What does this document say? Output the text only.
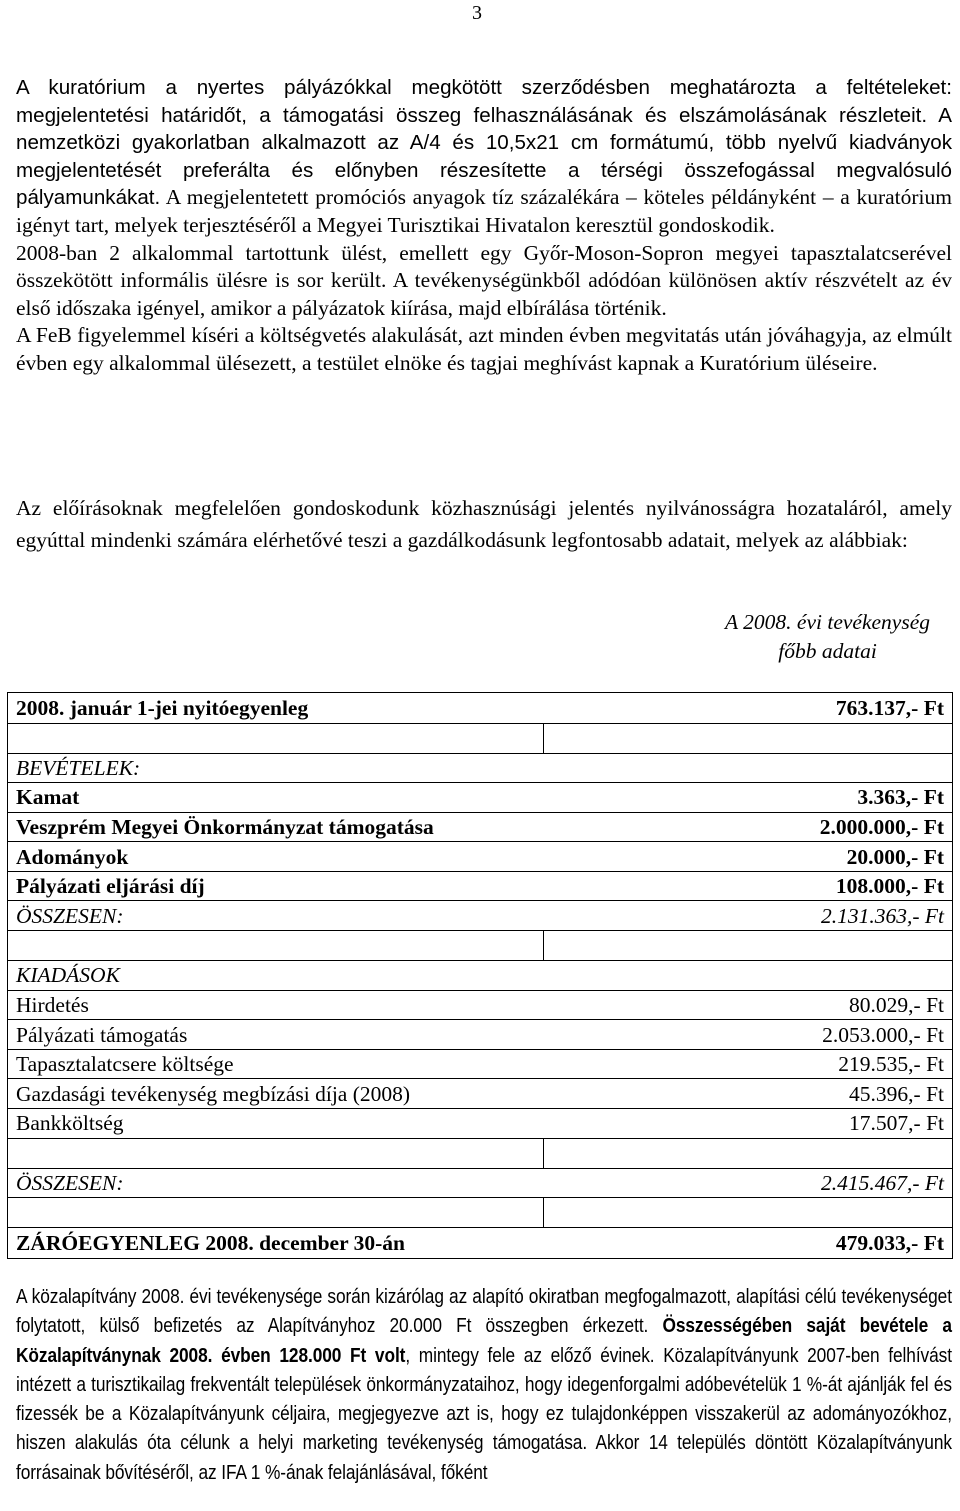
3

A kuratórium a nyertes pályázókkal megkötött szerződésben meghatározta a feltételeket: megjelentetési határidőt, a támogatási összeg felhasználásának és elszámolásának részleteit. A nemzetközi gyakorlatban alkalmazott az A/4 és 10,5x21 cm formátumú, több nyelvű kiadványok megjelentetését preferálta és előnyben részesítette a térségi összefogással megvalósuló pályamunkákat. A megjelentetett promóciós anyagok tíz százalékára – köteles példányként – a kuratórium igényt tart, melyek terjesztéséről a Megyei Turisztikai Hivatalon keresztül gondoskodik.
2008-ban 2 alkalommal tartottunk ülést, emellett egy Győr-Moson-Sopron megyei tapasztalatcserével összekötött informális ülésre is sor került. A tevékenységünkből adódóan különösen aktív részvételt az év első időszaka igényel, amikor a pályázatok kiírása, majd elbírálása történik.
A FeB figyelemmel kíséri a költségvetés alakulását, azt minden évben megvitatás után jóváhagyja, az elmúlt évben egy alkalommal ülésezett, a testület elnöke és tagjai meghívást kapnak a Kuratórium üléseire.

Az előírásoknak megfelelően gondoskodunk közhasznúsági jelentés nyilvánosságra hozataláról, amely egyúttal mindenki számára elérhetővé teszi a gazdálkodásunk legfontosabb adatait, melyek az alábbiak:

A 2008. évi tevékenység
főbb adatai
2008. január 1-jei nyitóegyenleg	763.137,- Ft

BEVÉTELEK:	
Kamat	3.363,- Ft
Veszprém Megyei Önkormányzat támogatása	2.000.000,- Ft
Adományok	20.000,- Ft
Pályázati eljárási díj	108.000,- Ft
ÖSSZESEN:	2.131.363,- Ft

KIADÁSOK	
Hirdetés	80.029,- Ft
Pályázati támogatás	2.053.000,- Ft
Tapasztalatcsere költsége	219.535,- Ft
Gazdasági tevékenység megbízási díja (2008)	45.396,- Ft
Bankköltség	17.507,- Ft

ÖSSZESEN:	2.415.467,- Ft

ZÁRÓEGYENLEG 2008. december 30-án	479.033,- Ft

A közalapítvány 2008. évi tevékenysége során kizárólag az alapító okiratban megfogalmazott, alapítási célú tevékenységet folytatott, külső befizetés az Alapítványhoz 20.000 Ft összegben érkezett. Összességében saját bevétele a Közalapítványnak 2008. évben 128.000 Ft volt, mintegy fele az előző évinek. Közalapítványunk 2007-ben felhívást intézett a turisztikailag frekventált települések önkormányzataihoz, hogy idegenforgalmi adóbevételük 1 %-át ajánlják fel és fizessék be a Közalapítványunk céljaira, megjegyezve azt is, hogy ez tulajdonképpen visszakerül az adományozókhoz, hiszen alakulás óta célunk a helyi marketing tevékenység támogatása. Akkor 14 település döntött Közalapítványunk forrásainak bővítéséről, az IFA 1 %-ának felajánlásával, főként
